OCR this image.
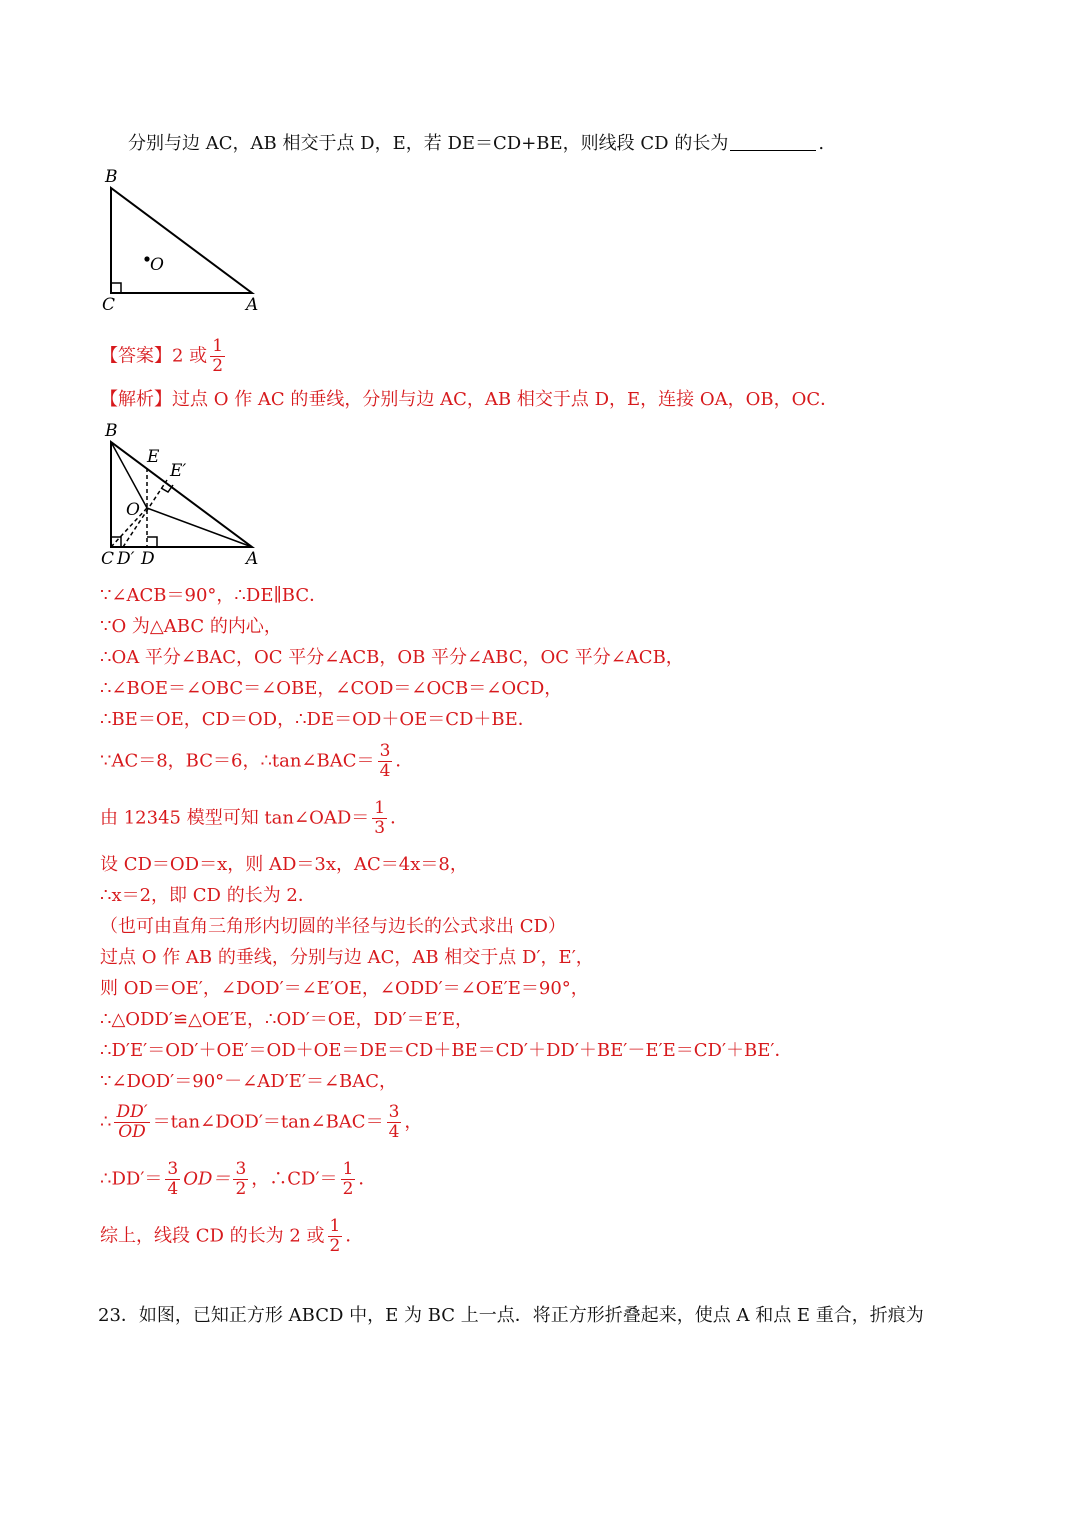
分别与边 AC，AB 相交于点 D，E，若 DE＝CD+BE，则线段 CD 的长为	.
B
O
C	A
【答案】2 或 $\frac{1}{2}$
【解析】过点 O 作 AC 的垂线，分别与边 AC，AB 相交于点 D，E，连接 OA，OB，OC．
B
E
E′
O
C D′ D	A
∵∠ACB＝90°，∴DE∥BC．
∵O 为△ABC 的内心，
∴OA 平分∠BAC，OC 平分∠ACB，OB 平分∠ABC，OC 平分∠ACB，
∴∠BOE＝∠OBC＝∠OBE，∠COD＝∠OCB＝∠OCD，
∴BE＝OE，CD＝OD，∴DE＝OD＋OE＝CD＋BE．
∵AC＝8，BC＝6，∴tan∠BAC＝ $\frac{3}{4}$ ．
由 12345 模型可知 tan∠OAD＝ $\frac{1}{3}$ ．
设 CD＝OD＝x，则 AD＝3x，AC＝4x＝8，
∴x＝2，即 CD 的长为 2．
（也可由直角三角形内切圆的半径与边长的公式求出 CD）
过点 O 作 AB 的垂线，分别与边 AC，AB 相交于点 D′，E′，
则 OD＝OE′，∠DOD′＝∠E′OE，∠ODD′＝∠OE′E＝90°，
∴△ODD′≌△OE′E，∴OD′＝OE，DD′＝E′E，
∴D′E′＝OD′＋OE′＝OD＋OE＝DE＝CD＋BE＝CD′＋DD′＋BE′－E′E＝CD′＋BE′．
∵∠DOD′＝90°－∠AD′E′＝∠BAC，
∴ $\frac{DD'}{OD}$ ＝tan∠DOD′＝tan∠BAC＝ $\frac{3}{4}$ ，
∴DD′＝ $\frac{3}{4} OD= \frac{3}{2}$ ，∴CD′＝ $\frac{1}{2}$ ．
综上，线段 CD 的长为 2 或 $\frac{1}{2}$ ．
23．如图，已知正方形 ABCD 中，E 为 BC 上一点．将正方形折叠起来，使点 A 和点 E 重合，折痕为
